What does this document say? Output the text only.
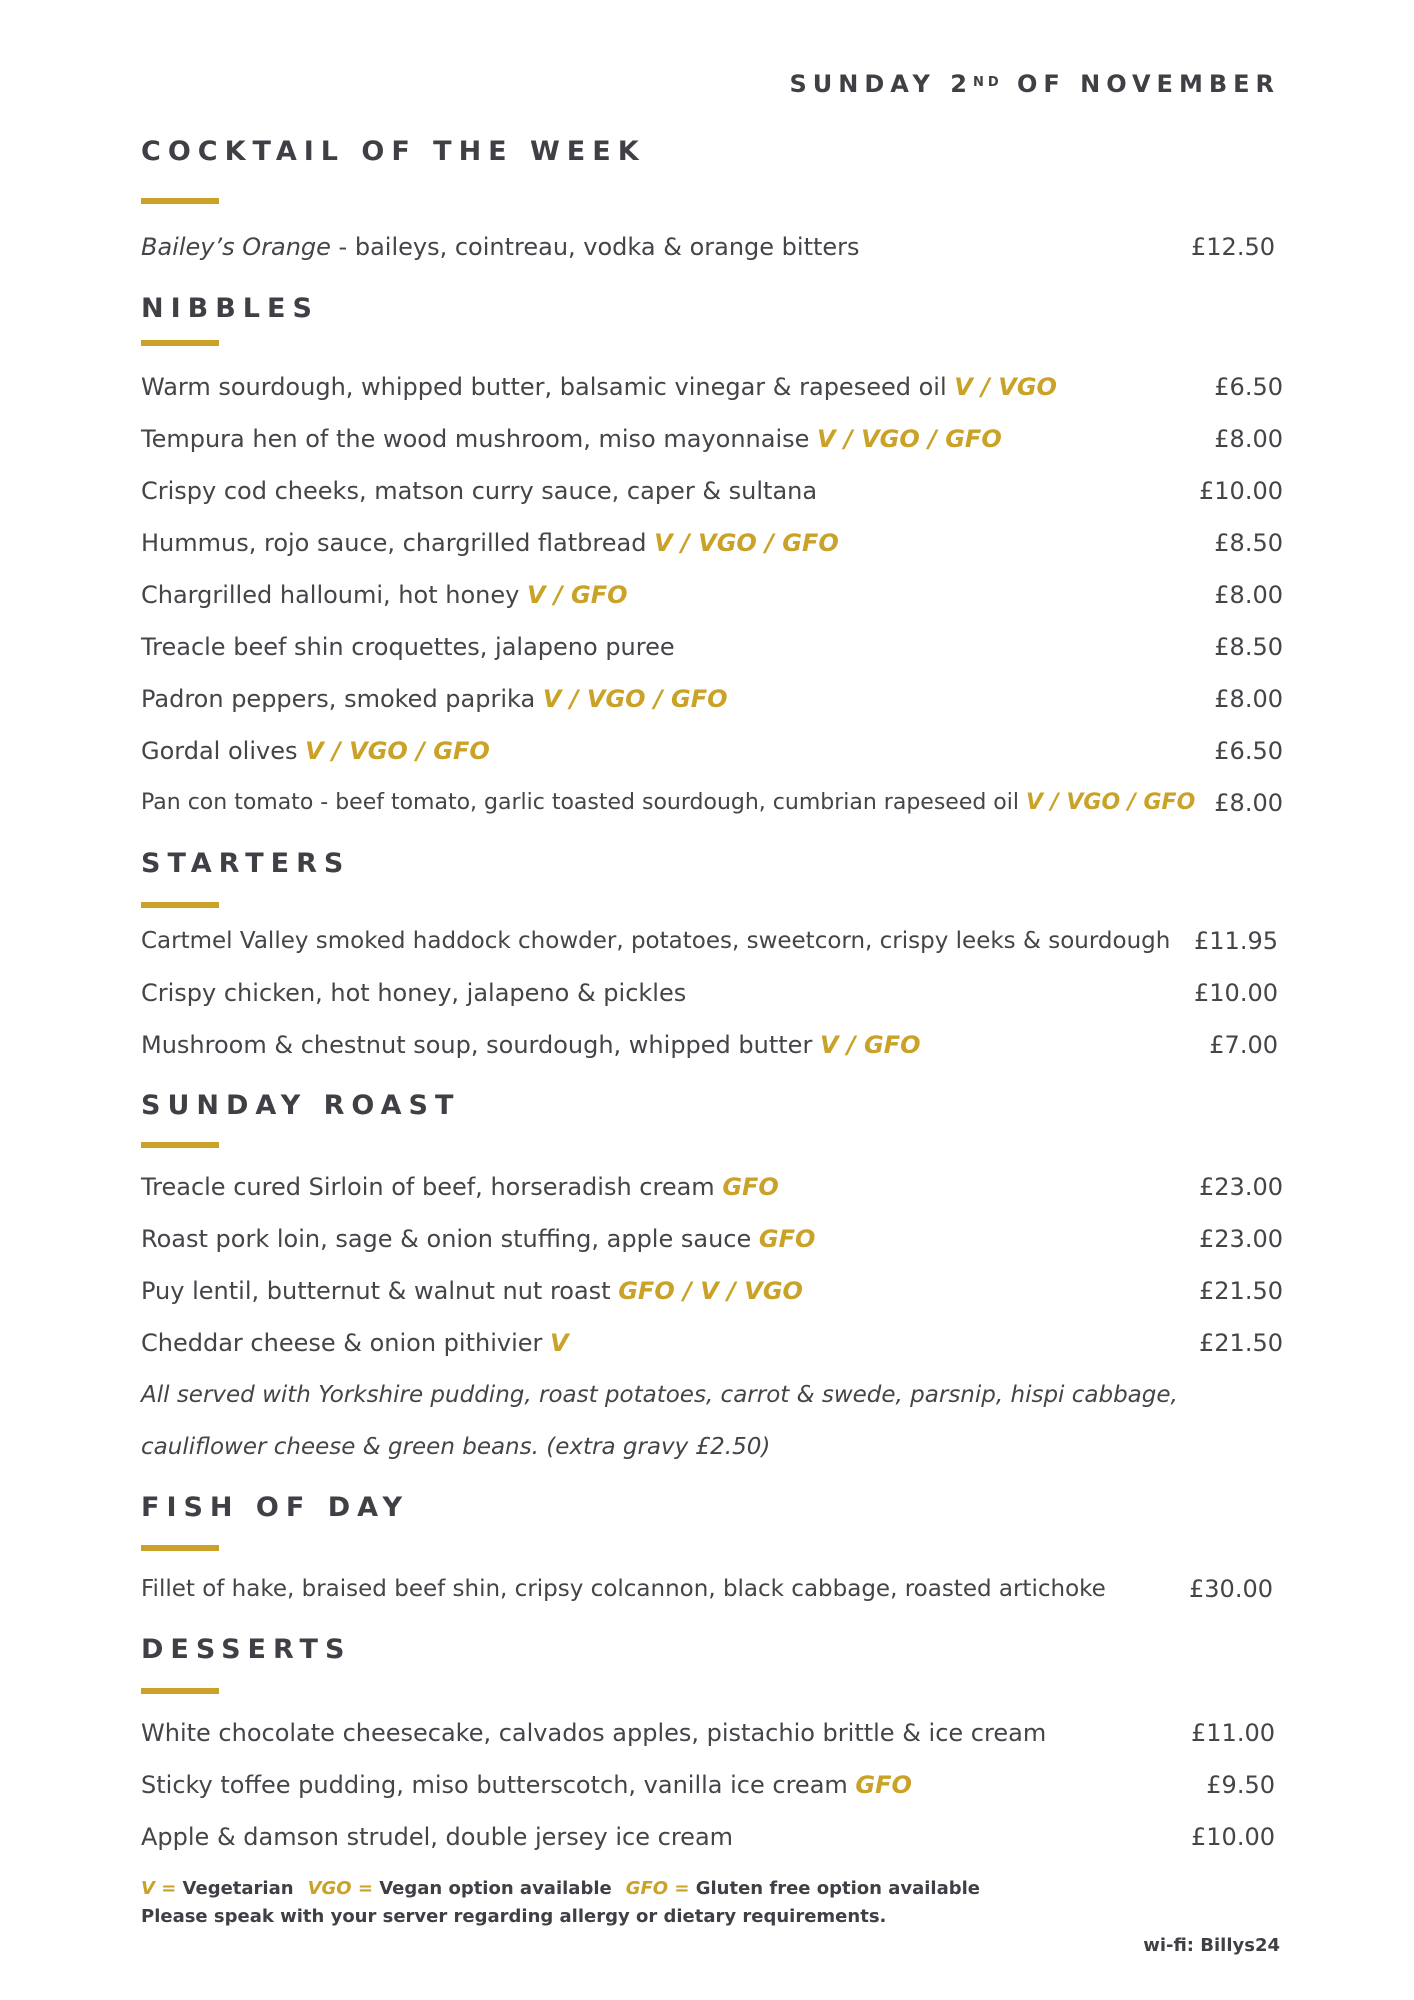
SUNDAY 2ND OF NOVEMBER
COCKTAIL OF THE WEEK
Bailey’s Orange - baileys, cointreau, vodka & orange bitters	£12.50
NIBBLES
Warm sourdough, whipped butter, balsamic vinegar & rapeseed oil V / VGO	£6.50
Tempura hen of the wood mushroom, miso mayonnaise V / VGO / GFO	£8.00
Crispy cod cheeks, matson curry sauce, caper & sultana	£10.00
Hummus, rojo sauce, chargrilled flatbread V / VGO / GFO	£8.50
Chargrilled halloumi, hot honey V / GFO	£8.00
Treacle beef shin croquettes, jalapeno puree	£8.50
Padron peppers, smoked paprika V / VGO / GFO	£8.00
Gordal olives V / VGO / GFO	£6.50
Pan con tomato - beef tomato, garlic toasted sourdough, cumbrian rapeseed oil V / VGO / GFO £8.00
STARTERS
Cartmel Valley smoked haddock chowder, potatoes, sweetcorn, crispy leeks & sourdough £11.95
Crispy chicken, hot honey, jalapeno & pickles	£10.00
Mushroom & chestnut soup, sourdough, whipped butter V / GFO	£7.00
SUNDAY ROAST
Treacle cured Sirloin of beef, horseradish cream GFO	£23.00
Roast pork loin, sage & onion stuffing, apple sauce GFO	£23.00
Puy lentil, butternut & walnut nut roast GFO / V / VGO	£21.50
Cheddar cheese & onion pithivier V	£21.50
All served with Yorkshire pudding, roast potatoes, carrot & swede, parsnip, hispi cabbage,
cauliflower cheese & green beans. (extra gravy £2.50)
FISH OF DAY
Fillet of hake, braised beef shin, cripsy colcannon, black cabbage, roasted artichoke	£30.00
DESSERTS
White chocolate cheesecake, calvados apples, pistachio brittle & ice cream	£11.00
Sticky toffee pudding, miso butterscotch, vanilla ice cream GFO	£9.50
Apple & damson strudel, double jersey ice cream	£10.00
V = Vegetarian VGO = Vegan option available GFO = Gluten free option available
Please speak with your server regarding allergy or dietary requirements.
wi-fi: Billys24
